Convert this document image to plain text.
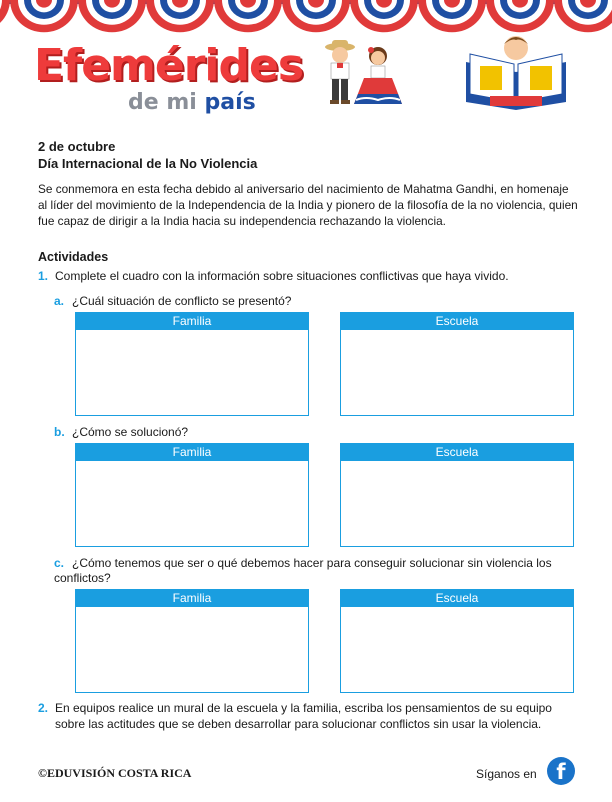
Efemérides
de mi país
2 de octubre
Día Internacional de la No Violencia
Se conmemora en esta fecha debido al aniversario del nacimiento de Mahatma Gandhi, en homenaje al líder del movimiento de la Independencia de la India y pionero de la filosofía de la no violencia, quien fue capaz de dirigir a la India hacia su independencia rechazando la violencia.
Actividades
1. Complete el cuadro con la información sobre situaciones conflictivas que haya vivido.
a. ¿Cuál situación de conflicto se presentó?
Familia	Escuela
b. ¿Cómo se solucionó?
Familia	Escuela
c. ¿Cómo tenemos que ser o qué debemos hacer para conseguir solucionar sin violencia los conflictos?
Familia	Escuela
2. En equipos realice un mural de la escuela y la familia, escriba los pensamientos de su equipo sobre las actitudes que se deben desarrollar para solucionar conflictos sin usar la violencia.
©EDUVISIÓN COSTA RICA	Síganos en f
